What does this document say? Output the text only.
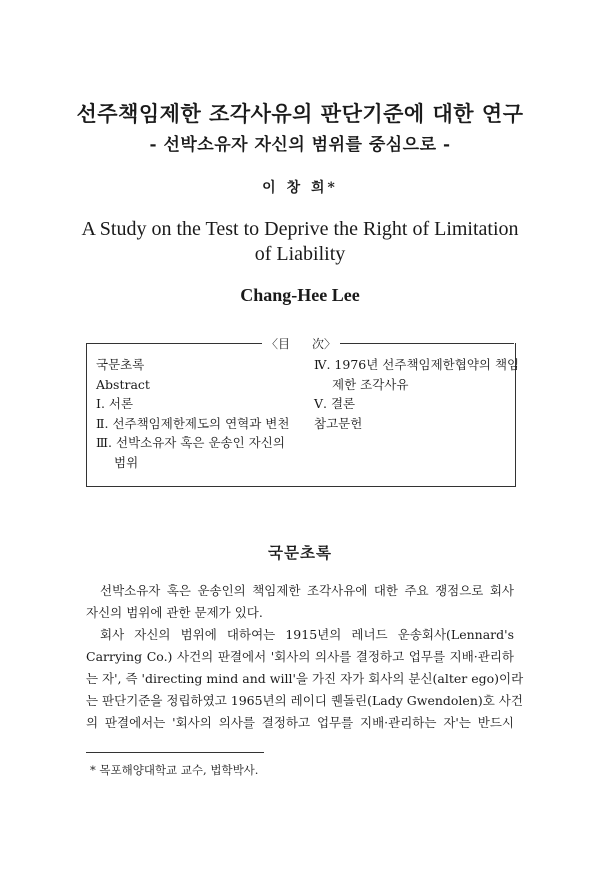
선주책임제한 조각사유의 판단기준에 대한 연구
- 선박소유자 자신의 범위를 중심으로 -
이 창 희*
A Study on the Test to Deprive the Right of Limitation
of Liability
Chang-Hee Lee
〈目 次〉
국문초록
Abstract
Ⅰ. 서론
Ⅱ. 선주책임제한제도의 연혁과 변천
Ⅲ. 선박소유자 혹은 운송인 자신의
범위
Ⅳ. 1976년 선주책임제한협약의 책임
제한 조각사유
Ⅴ. 결론
참고문헌
국문초록
선박소유자 혹은 운송인의 책임제한 조각사유에 대한 주요 쟁점으로 회사
자신의 범위에 관한 문제가 있다.
회사 자신의 범위에 대하여는 1915년의 레너드 운송회사(Lennard's
Carrying Co.) 사건의 판결에서 '회사의 의사를 결정하고 업무를 지배·관리하
는 자', 즉 'directing mind and will'을 가진 자가 회사의 분신(alter ego)이라
는 판단기준을 정립하였고 1965년의 레이디 퀜돌린(Lady Gwendolen)호 사건
의 판결에서는 '회사의 의사를 결정하고 업무를 지배·관리하는 자'는 반드시
* 목포해양대학교 교수, 법학박사.
